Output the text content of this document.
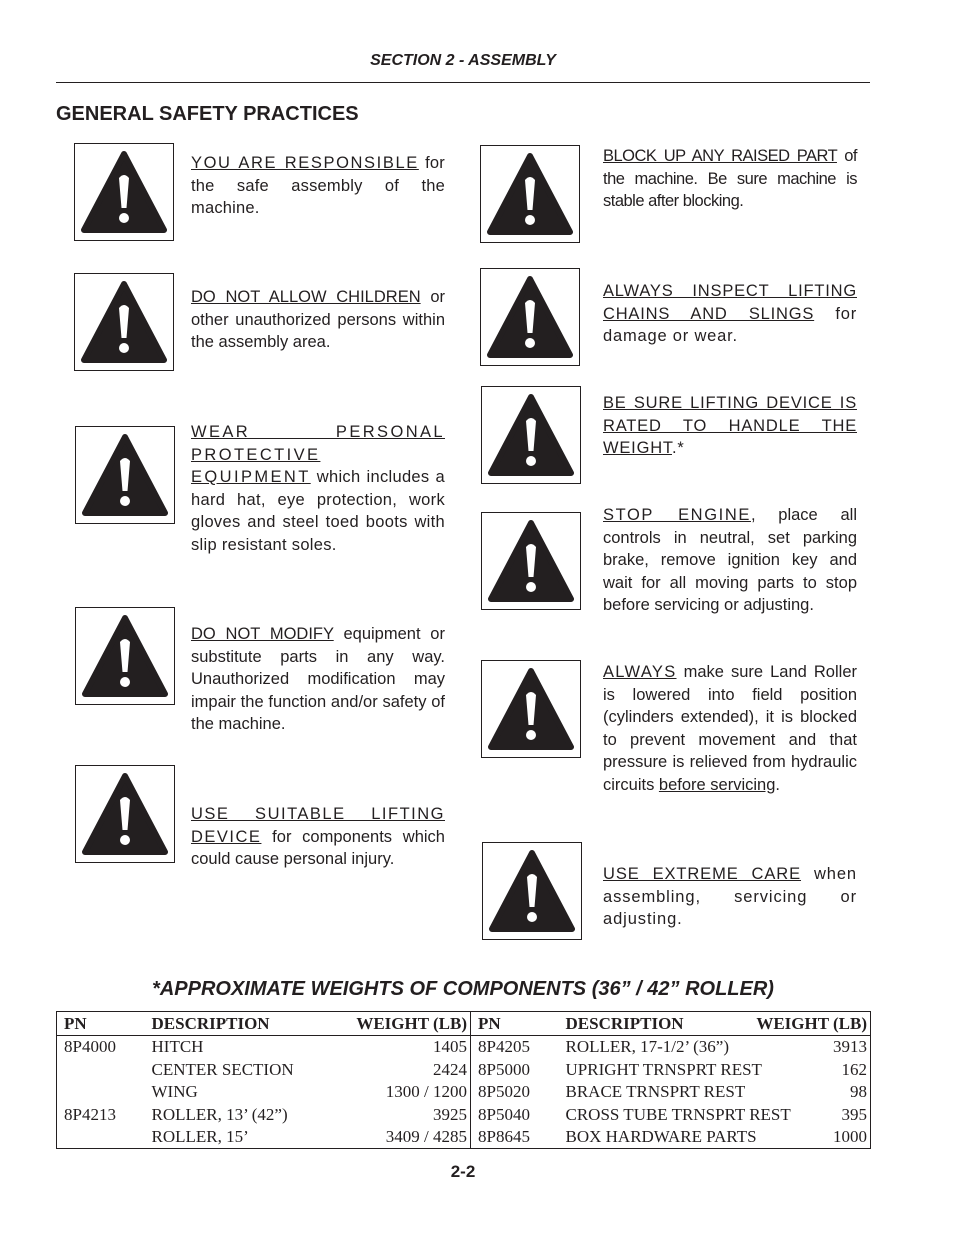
SECTION 2 - ASSEMBLY
GENERAL SAFETY PRACTICES
YOU ARE RESPONSIBLE for the safe assembly of the machine.
DO NOT ALLOW CHILDREN or other unauthorized persons within the assembly area.
WEAR PERSONAL PROTECTIVE EQUIPMENT which includes a hard hat, eye protection, work gloves and steel toed boots with slip resistant soles.
DO NOT MODIFY equipment or substitute parts in any way. Unauthorized modification may impair the function and/or safety of the machine.
USE SUITABLE LIFTING DEVICE for components which could cause personal injury.
BLOCK UP ANY RAISED PART of the machine. Be sure machine is stable after blocking.
ALWAYS INSPECT LIFTING CHAINS AND SLINGS for damage or wear.
BE SURE LIFTING DEVICE IS RATED TO HANDLE THE WEIGHT.*
STOP ENGINE, place all controls in neutral, set parking brake, remove ignition key and wait for all moving parts to stop before servicing or adjusting.
ALWAYS make sure Land Roller is lowered into field position (cylinders extended), it is blocked to prevent movement and that pressure is relieved from hydraulic circuits before servicing.
USE EXTREME CARE when assembling, servicing or adjusting.
*APPROXIMATE WEIGHTS OF COMPONENTS (36” / 42” ROLLER)
PN	DESCRIPTION	WEIGHT (LB)	PN	DESCRIPTION	WEIGHT (LB)
8P4000	HITCH	1405	8P4205	ROLLER, 17-1/2’ (36”)	3913
	CENTER SECTION	2424	8P5000	UPRIGHT TRNSPRT REST	162
	WING	1300 / 1200	8P5020	BRACE TRNSPRT REST	98
8P4213	ROLLER, 13’ (42”)	3925	8P5040	CROSS TUBE TRNSPRT REST	395
	ROLLER, 15’	3409 / 4285	8P8645	BOX HARDWARE PARTS	1000
2-2
